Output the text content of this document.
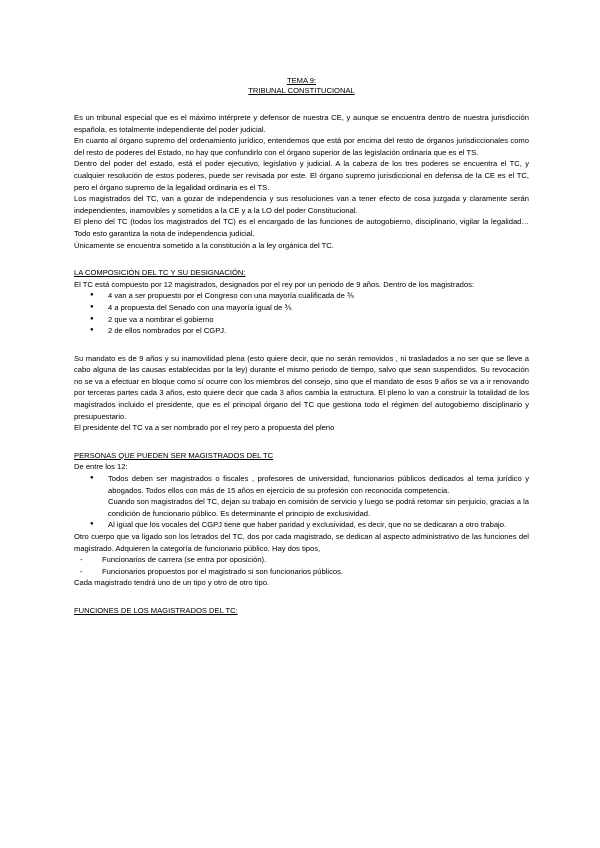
TEMA 9:
TRIBUNAL CONSTITUCIONAL

Es un tribunal especial que es el máximo intérprete y defensor de nuestra CE, y aunque se encuentra dentro de nuestra jurisdicción española, es totalmente independiente del poder judicial.

En cuanto al órgano supremo del ordenamiento jurídico, entendemos que está por encima del resto de órganos jurisdiccionales como del resto de poderes del Estado, no hay que confundirlo con el órgano superior de las legislación ordinaria que es el TS.

Dentro del poder del estado, está el poder ejecutivo, legislativo y judicial. A la cabeza de los tres poderes se encuentra el TC, y cualquier resolución de estos poderes, puede ser revisada por este. El órgano supremo jurisdiccional en defensa de la CE es el TC, pero el órgano supremo de la legalidad ordinaria es el TS.

Los magistrados del TC, van a gozar de independencia y sus resoluciones van a tener efecto de cosa juzgada y claramente serán independientes, inamovibles y sometidos a la CE y a la LO del poder Constitucional.

El pleno del TC (todos los magistrados del TC) es el encargado de las funciones de autogobierno, disciplinario, vigilar la legalidad… Todo esto garantiza la nota de independencia judicial.

Únicamente se encuentra sometido a la constitución a la ley orgánica del TC.

LA COMPOSICIÓN DEL TC Y SU DESIGNACIÓN:

El TC está compuesto por 12 magistrados, designados por el rey por un periodo de 9 años. Dentro de los magistrados:

● 4 van a ser propuesto por el Congreso con una mayoría cualificada de ⅗
● 4 a propuesta del Senado con una mayoría igual de ⅗
● 2 que va a nombrar el gobierno
● 2 de ellos nombrados por el CGPJ.

Su mandato es de 9 años y su inamovilidad plena (esto quiere decir, que no serán removidos , ni trasladados a no ser que se lleve a cabo alguna de las causas establecidas por la ley) durante el mismo periodo de tiempo, salvo que sean suspendidos. Su revocación no se va a efectuar en bloque como sí ocurre con los miembros del consejo, sino que el mandato de esos 9 años se va a ir renovando por terceras partes cada 3 años, esto quiere decir que cada 3 años cambia la estructura. El pleno lo van a construir la totalidad de los magistrados incluido el presidente, que es el principal órgano del TC que gestiona todo el régimen del autogobierno disciplinario y presupuestario.

El presidente del TC va a ser nombrado por el rey pero a propuesta del pleno

PERSONAS QUE PUEDEN SER MAGISTRADOS DEL TC

De entre los 12:

● Todos deben ser magistrados o fiscales , profesores de universidad, funcionarios públicos dedicados al tema jurídico y abogados. Todos ellos con más de 15 años en ejercicio de su profesión con reconocida competencia.
Cuando son magistrados del TC, dejan su trabajo en comisión de servicio y luego se podrá retomar sin perjuicio, gracias a la condición de funcionario público. Es determinante el principio de exclusividad.
● Al igual que los vocales del CGPJ tiene que haber paridad y exclusividad, es decir, que no se dedicaran a otro trabajo.

Otro cuerpo que va ligado son los letrados del TC, dos por cada magistrado, se dedican al aspecto administrativo de las funciones del magistrado. Adquieren la categoría de funcionario público. Hay dos tipos,

- Funcionarios de carrera (se entra por oposición).
- Funcionarios propuestos por el magistrado si son funcionarios públicos.

Cada magistrado tendrá uno de un tipo y otro de otro tipo.

FUNCIONES DE LOS MAGISTRADOS DEL TC:
